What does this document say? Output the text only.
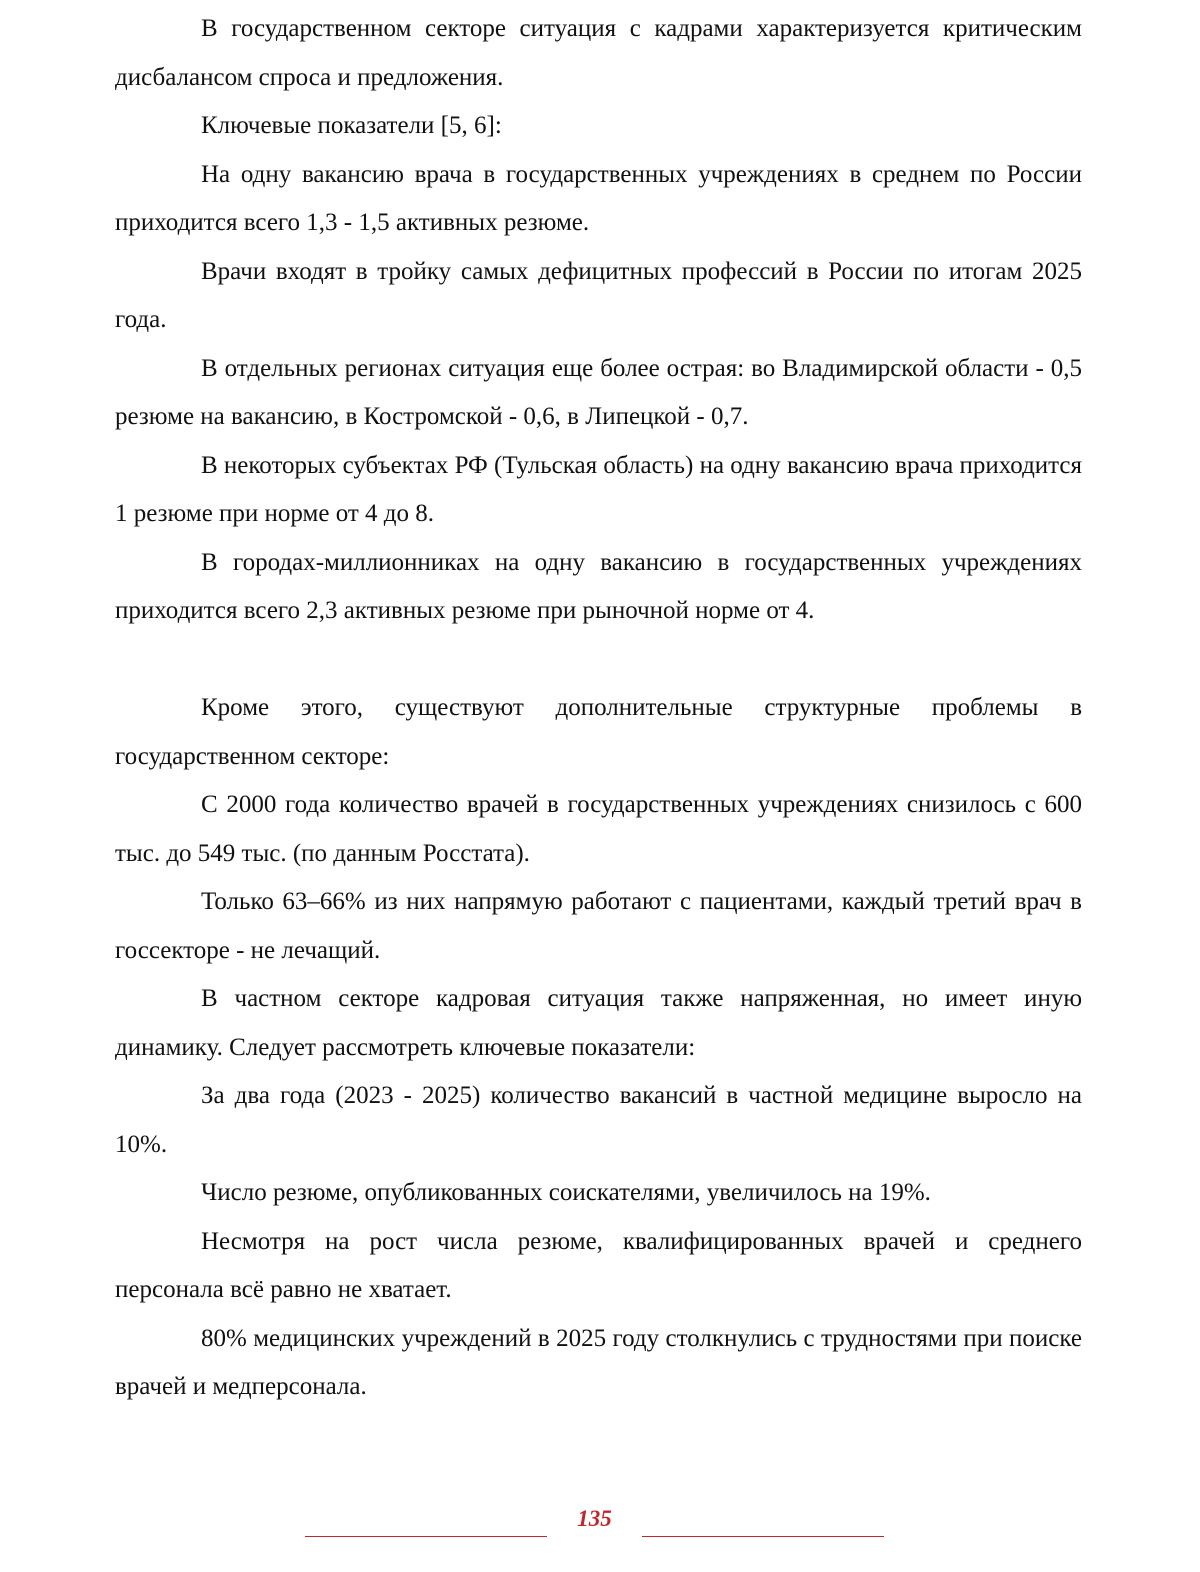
В государственном секторе ситуация с кадрами характеризуется критическим дисбалансом спроса и предложения.

Ключевые показатели [5, 6]:

На одну вакансию врача в государственных учреждениях в среднем по России приходится всего 1,3 - 1,5 активных резюме.

Врачи входят в тройку самых дефицитных профессий в России по итогам 2025 года.

В отдельных регионах ситуация еще более острая: во Владимирской области - 0,5 резюме на вакансию, в Костромской - 0,6, в Липецкой - 0,7.

В некоторых субъектах РФ (Тульская область) на одну вакансию врача приходится 1 резюме при норме от 4 до 8.

В городах-миллионниках на одну вакансию в государственных учреждениях приходится всего 2,3 активных резюме при рыночной норме от 4.

Кроме этого, существуют дополнительные структурные проблемы в государственном секторе:

С 2000 года количество врачей в государственных учреждениях снизилось с 600 тыс. до 549 тыс. (по данным Росстата).

Только 63–66% из них напрямую работают с пациентами, каждый третий врач в госсекторе - не лечащий.

В частном секторе кадровая ситуация также напряженная, но имеет иную динамику. Следует рассмотреть ключевые показатели:

За два года (2023 - 2025) количество вакансий в частной медицине выросло на 10%.

Число резюме, опубликованных соискателями, увеличилось на 19%.

Несмотря на рост числа резюме, квалифицированных врачей и среднего персонала всё равно не хватает.

80% медицинских учреждений в 2025 году столкнулись с трудностями при поиске врачей и медперсонала.

135
